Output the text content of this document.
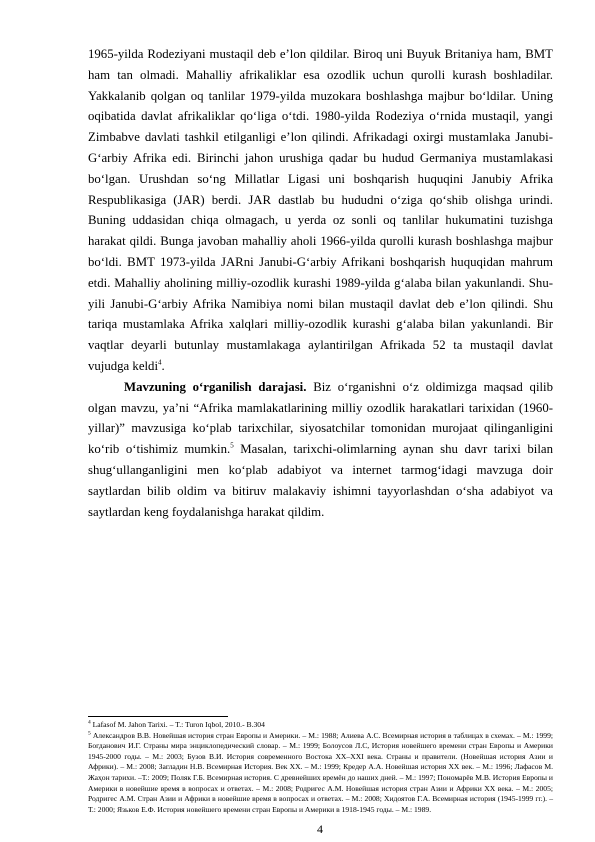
1965-yilda Rodeziyani mustaqil deb e’lon qildilar. Biroq uni Buyuk Britaniya ham, BMT ham tan olmadi. Mahalliy afrikaliklar esa ozodlik uchun qurolli kurash boshladilar. Yakkalanib qolgan oq tanlilar 1979-yilda muzokara boshlashga majbur bo‘ldilar. Uning oqibatida davlat afrikaliklar qo‘liga o‘tdi. 1980-yilda Rodeziya o‘rnida mustaqil, yangi Zimbabve davlati tashkil etilganligi e’lon qilindi. Afrikadagi oxirgi mustamlaka Janubi-G‘arbiy Afrika edi. Birinchi jahon urushiga qadar bu hudud Germaniya mustamlakasi bo‘lgan. Urushdan so‘ng Millatlar Ligasi uni boshqarish huquqini Janubiy Afrika Respublikasiga (JAR) berdi. JAR dastlab bu hududni o‘ziga qo‘shib olishga urindi. Buning uddasidan chiqa olmagach, u yerda oz sonli oq tanlilar hukumatini tuzishga harakat qildi. Bunga javoban mahalliy aholi 1966-yilda qurolli kurash boshlashga majbur bo‘ldi. BMT 1973-yilda JARni Janubi-G‘arbiy Afrikani boshqarish huquqidan mahrum etdi. Mahalliy aholining milliy-ozodlik kurashi 1989-yilda g‘alaba bilan yakunlandi. Shu-yili Janubi-G‘arbiy Afrika Namibiya nomi bilan mustaqil davlat deb e’lon qilindi. Shu tariqa mustamlaka Afrika xalqlari milliy-ozodlik kurashi g‘alaba bilan yakunlandi. Bir vaqtlar deyarli butunlay mustamlakaga aylantirilgan Afrikada 52 ta mustaqil davlat vujudga keldi$^4$.

Mavzuning o‘rganilish darajasi. Biz o‘rganishni o‘z oldimizga maqsad qilib olgan mavzu, ya’ni “Afrika mamlakatlarining milliy ozodlik harakatlari tarixidan (1960-yillar)” mavzusiga ko‘plab tarixchilar, siyosatchilar tomonidan murojaat qilinganligini ko‘rib o‘tishimiz mumkin.$^5$ Masalan, tarixchi-olimlarning aynan shu davr tarixi bilan shug‘ullanganligini men ko‘plab adabiyot va internet tarmog‘idagi mavzuga doir saytlardan bilib oldim va bitiruv malakaviy ishimni tayyorlashdan o‘sha adabiyot va saytlardan keng foydalanishga harakat qildim.

$^4$ Lafasof M. Jahon Tarixi. – T.: Turon Iqbol, 2010.- B.304

$^5$ Александров В.В. Новейшая история стран Европы и Америки. – М.: 1988; Алиева А.С. Всемирная история в таблицах в схемах. – М.: 1999; Богданович И.Г. Страны мира энциклопедический словар. – М.: 1999; Болоусов Л.С, История новейшего времени стран Европы и Америки 1945-2000 годы. – М.: 2003; Бузов В.И. История современного Востока XX–XXI века. Страны и правители. (Новейшая история Азии и Африки). – М.: 2008; Загладин Н.В. Всемирная История. Век XX. – М.: 1999; Кредер А.А. Новейшая история XX век. – М.: 1996; Лафасов М. Жаҳон тарихи. –Т.: 2009; Поляк Г.Б. Всемирная история. С древнейших времён до наших дней. – М.: 1997; Пономарёв М.В. История Европы и Америки в новейшие время в вопросах и ответах. – М.: 2008; Родригес А.М. Новейшая история стран Азии и Африки XX века. – М.: 2005; Родригес А.М. Стран Азии и Африки в новейшие время в вопросах и ответах. – М.: 2008; Хидоятов Г.А. Всемирная история (1945-1999 гг.). –Т.: 2000; Язьков Е.Ф. История новейшего времени стран Европы и Америки в 1918-1945 годы. – М.: 1989.

4
